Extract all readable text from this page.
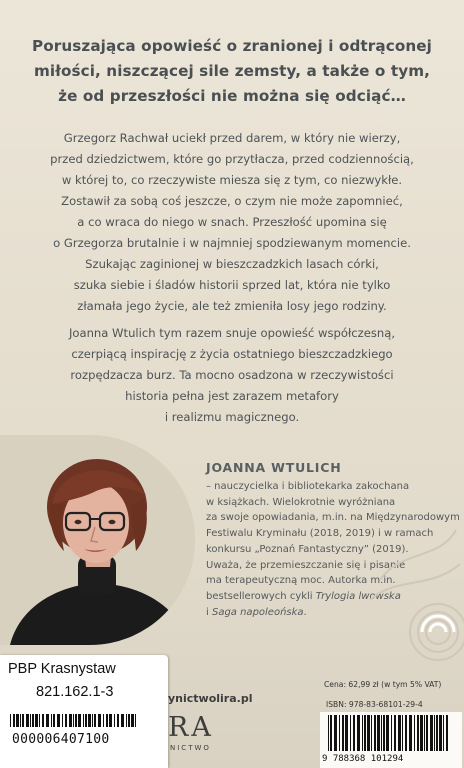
Poruszająca opowieść o zranionej i odtrąconej
miłości, niszczącej sile zemsty, a także o tym,
że od przeszłości nie można się odciąć…
Grzegorz Rachwał uciekł przed darem, w który nie wierzy,
przed dziedzictwem, które go przytłacza, przed codziennością,
w której to, co rzeczywiste miesza się z tym, co niezwykłe.
Zostawił za sobą coś jeszcze, o czym nie może zapomnieć,
a co wraca do niego w snach. Przeszłość upomina się
o Grzegorza brutalnie i w najmniej spodziewanym momencie.
Szukając zaginionej w bieszczadzkich lasach córki,
szuka siebie i śladów historii sprzed lat, która nie tylko
złamała jego życie, ale też zmieniła losy jego rodziny.
Joanna Wtulich tym razem snuje opowieść współczesną,
czerpiącą inspirację z życia ostatniego bieszczadzkiego
rozpędzacza burz. Ta mocno osadzona w rzeczywistości
historia pełna jest zarazem metafory
i realizmu magicznego.
JOANNA WTULICH
– nauczycielka i bibliotekarka zakochana
w książkach. Wielokrotnie wyróżniana
za swoje opowiadania, m.in. na Międzynarodowym
Festiwalu Kryminału (2018, 2019) i w ramach
konkursu „Poznań Fantastyczny” (2019).
Uważa, że przemieszczanie się i pisanie
ma terapeutyczną moc. Autorka m.in.
bestsellerowych cykli Trylogia lwowska
i Saga napoleońska.
ynictwolira.pl
RA
NICTWO
Cena: 62,99 zł (w tym 5% VAT)
ISBN: 978-83-68101-29-4
9 788368 101294
PBP Krasnystaw
821.162.1-3
000006407100
